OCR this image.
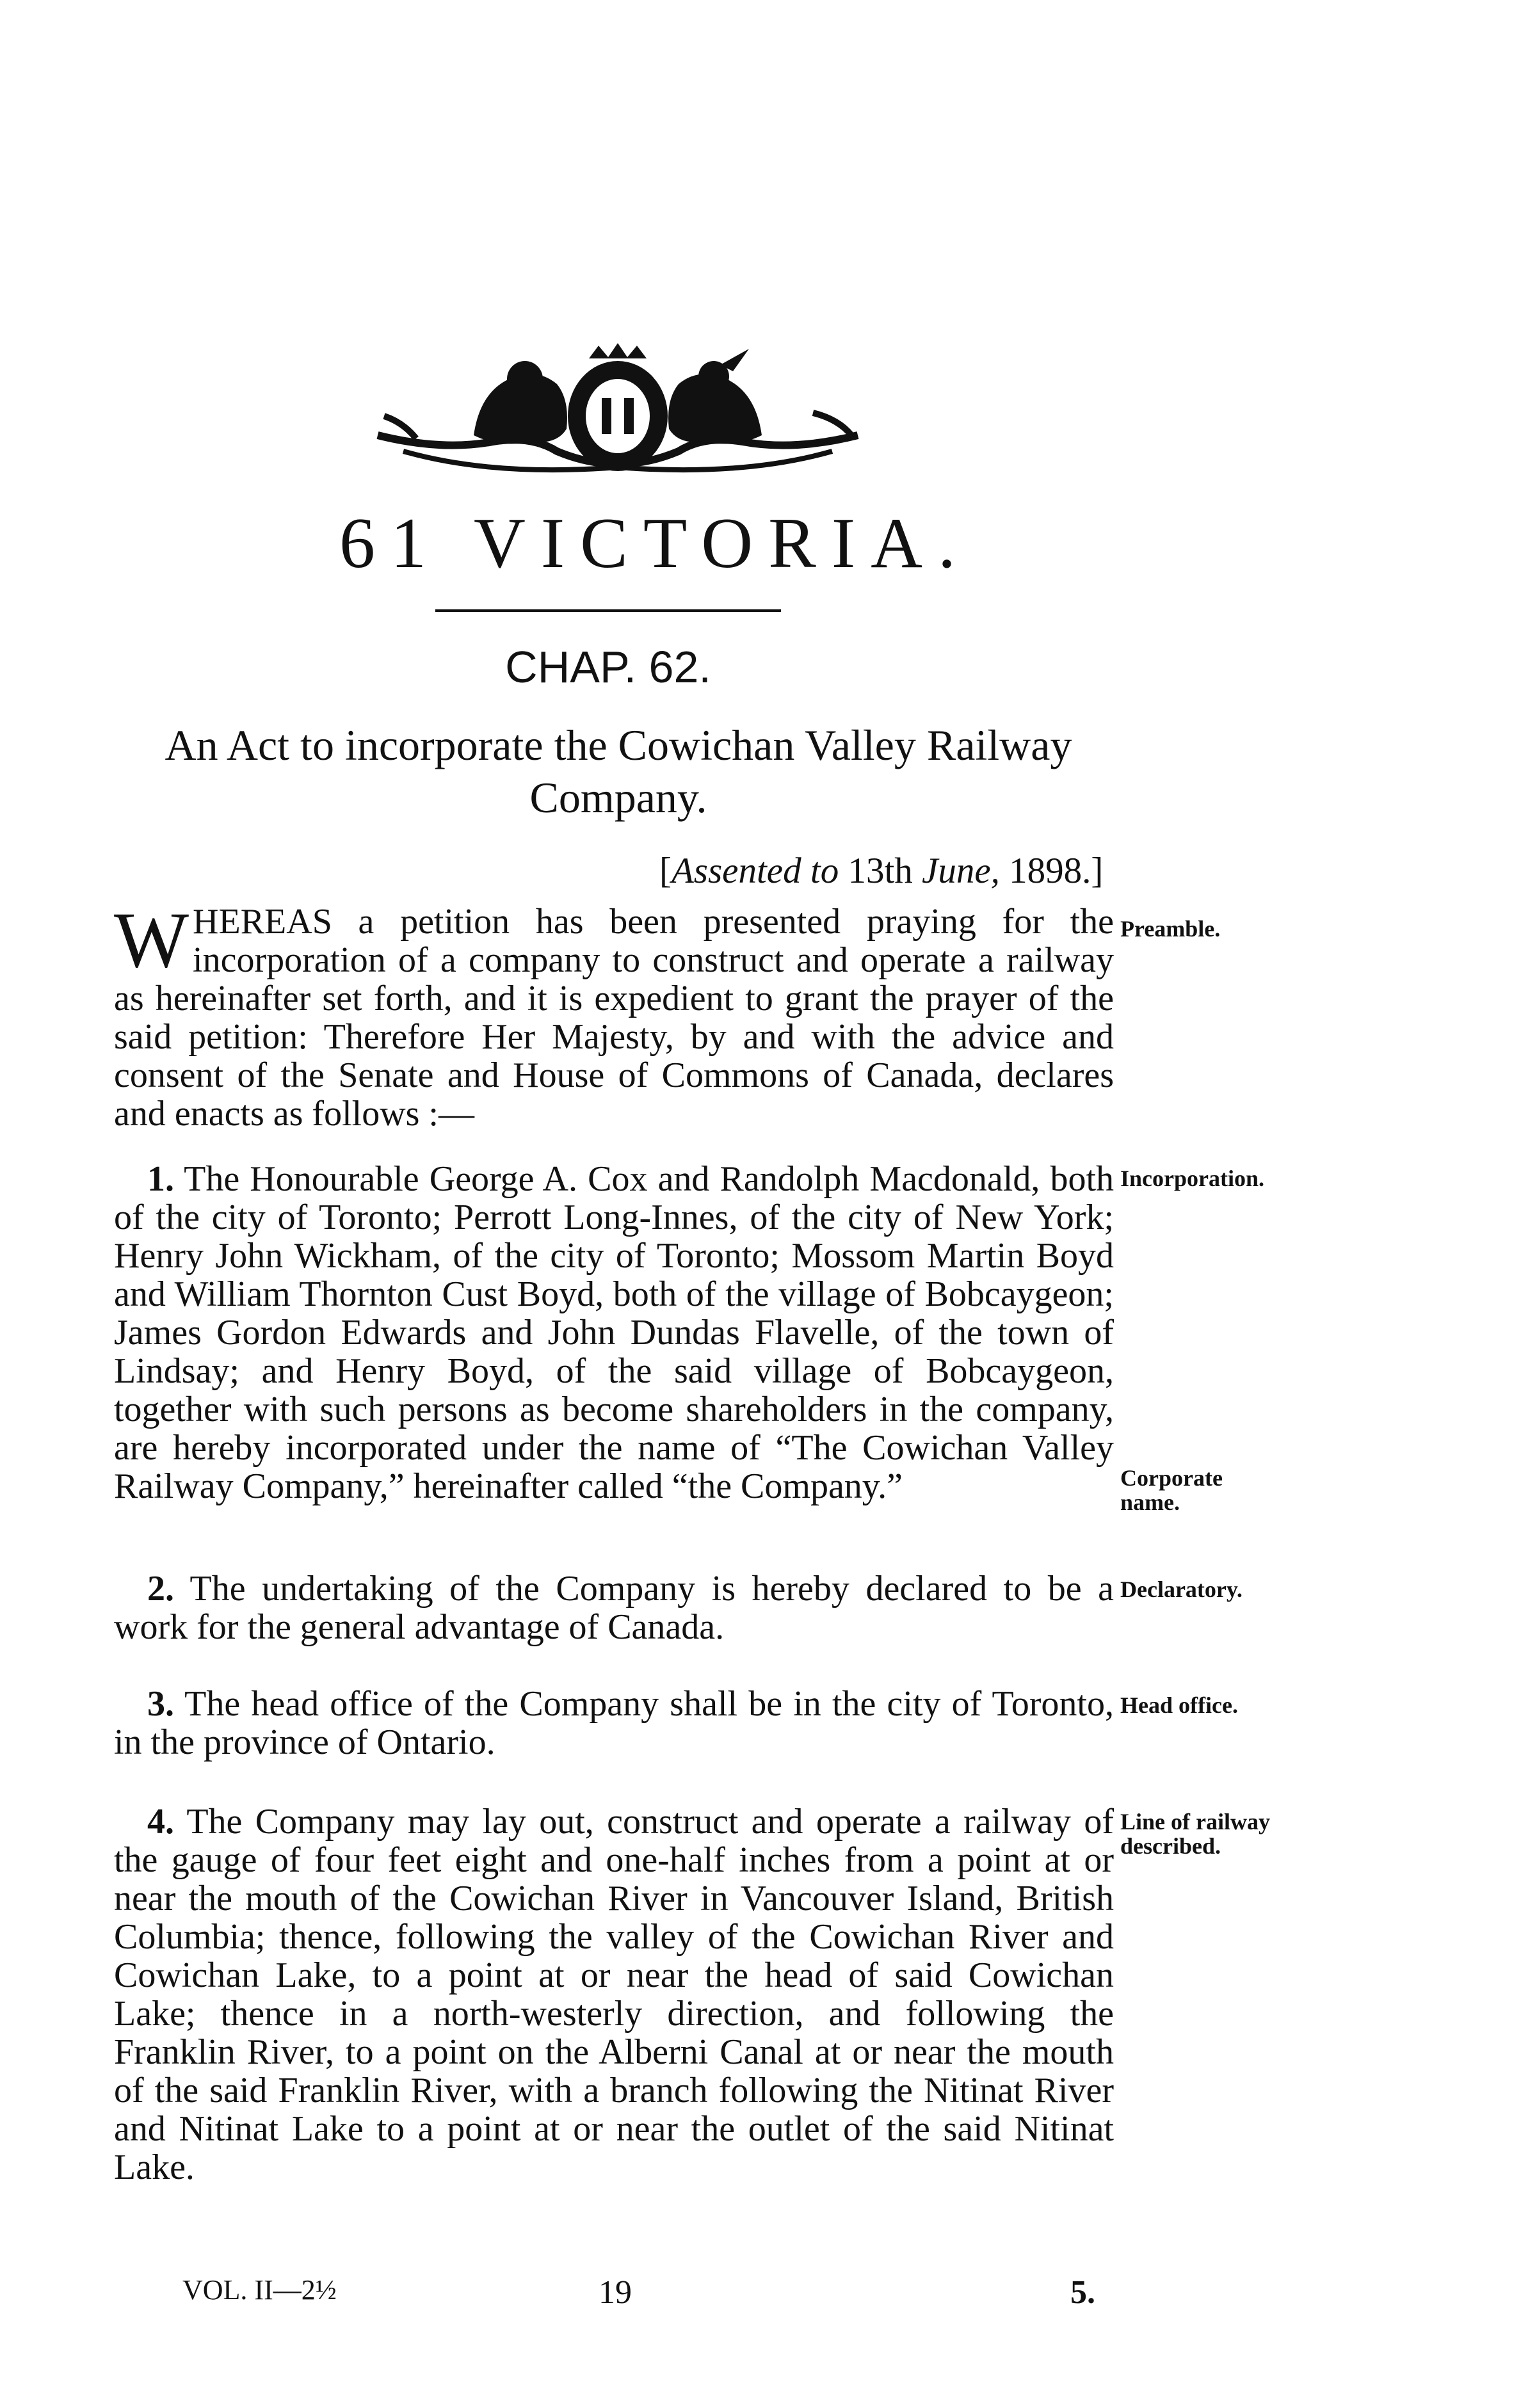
61 VICTORIA.
CHAP. 62.
An Act to incorporate the Cowichan Valley Railway Company.
[Assented to 13th June, 1898.]
WHEREAS a petition has been presented praying for the incorporation of a company to construct and operate a railway as hereinafter set forth, and it is expedient to grant the prayer of the said petition: Therefore Her Majesty, by and with the advice and consent of the Senate and House of Commons of Canada, declares and enacts as follows :—
1. The Honourable George A. Cox and Randolph Macdonald, both of the city of Toronto; Perrott Long-Innes, of the city of New York; Henry John Wickham, of the city of Toronto; Mossom Martin Boyd and William Thornton Cust Boyd, both of the village of Bobcaygeon; James Gordon Edwards and John Dundas Flavelle, of the town of Lindsay; and Henry Boyd, of the said village of Bobcaygeon, together with such persons as become shareholders in the company, are hereby incorporated under the name of “The Cowichan Valley Railway Company,” hereinafter called “the Company.”
2. The undertaking of the Company is hereby declared to be a work for the general advantage of Canada.
3. The head office of the Company shall be in the city of Toronto, in the province of Ontario.
4. The Company may lay out, construct and operate a railway of the gauge of four feet eight and one-half inches from a point at or near the mouth of the Cowichan River in Vancouver Island, British Columbia; thence, following the valley of the Cowichan River and Cowichan Lake, to a point at or near the head of said Cowichan Lake; thence in a north-westerly direction, and following the Franklin River, to a point on the Alberni Canal at or near the mouth of the said Franklin River, with a branch following the Nitinat River and Nitinat Lake to a point at or near the outlet of the said Nitinat Lake.
Preamble.
Incorporation.
Corporate name.
Declaratory.
Head office.
Line of railway described.
VOL. II—2½	19	5.
